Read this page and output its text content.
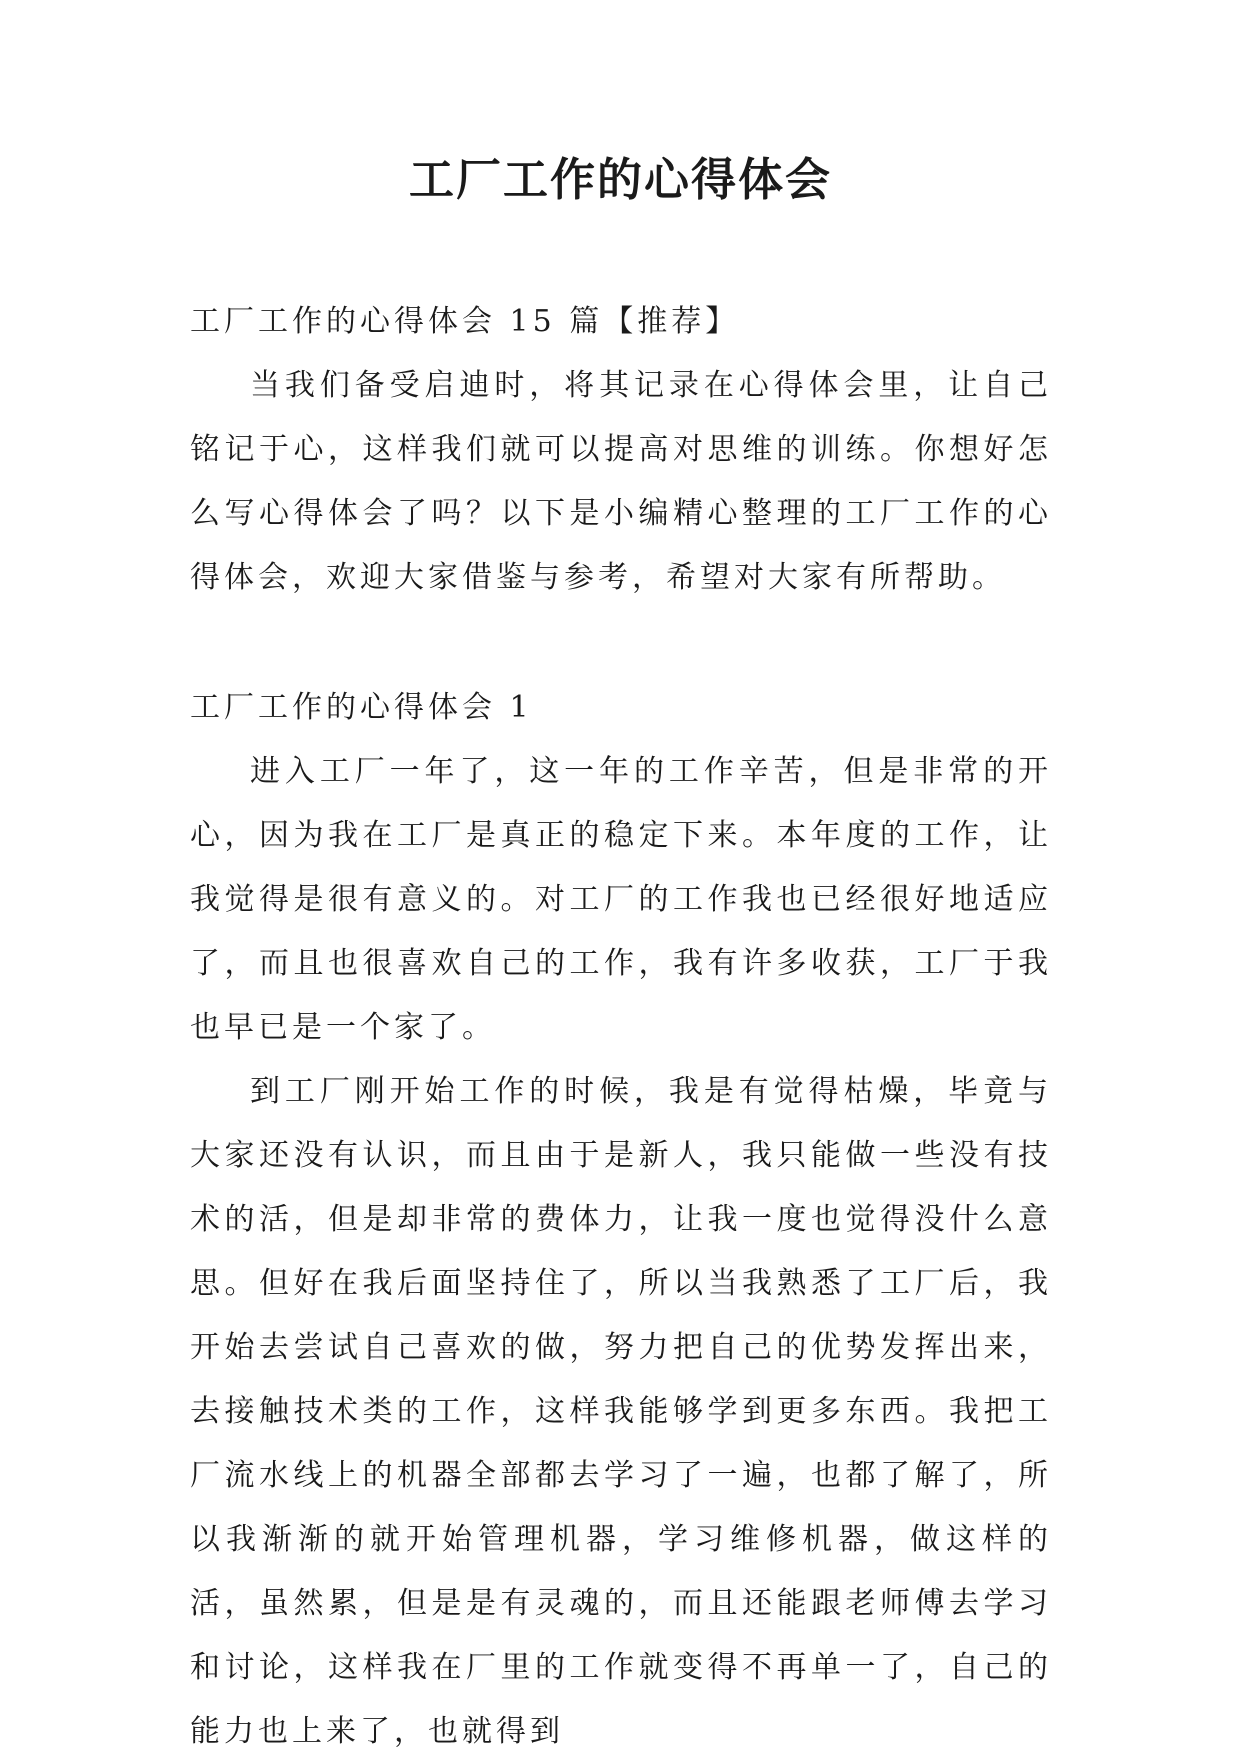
工厂工作的心得体会

工厂工作的心得体会 15 篇【推荐】

当我们备受启迪时，将其记录在心得体会里，让自己铭记于心，这样我们就可以提高对思维的训练。你想好怎么写心得体会了吗？以下是小编精心整理的工厂工作的心得体会，欢迎大家借鉴与参考，希望对大家有所帮助。

工厂工作的心得体会 1

进入工厂一年了，这一年的工作辛苦，但是非常的开心，因为我在工厂是真正的稳定下来。本年度的工作，让我觉得是很有意义的。对工厂的工作我也已经很好地适应了，而且也很喜欢自己的工作，我有许多收获，工厂于我也早已是一个家了。

到工厂刚开始工作的时候，我是有觉得枯燥，毕竟与大家还没有认识，而且由于是新人，我只能做一些没有技术的活，但是却非常的费体力，让我一度也觉得没什么意思。但好在我后面坚持住了，所以当我熟悉了工厂后，我开始去尝试自己喜欢的做，努力把自己的优势发挥出来，去接触技术类的工作，这样我能够学到更多东西。我把工厂流水线上的机器全部都去学习了一遍，也都了解了，所以我渐渐的就开始管理机器，学习维修机器，做这样的活，虽然累，但是是有灵魂的，而且还能跟老师傅去学习和讨论，这样我在厂里的工作就变得不再单一了，自己的能力也上来了，也就得到
